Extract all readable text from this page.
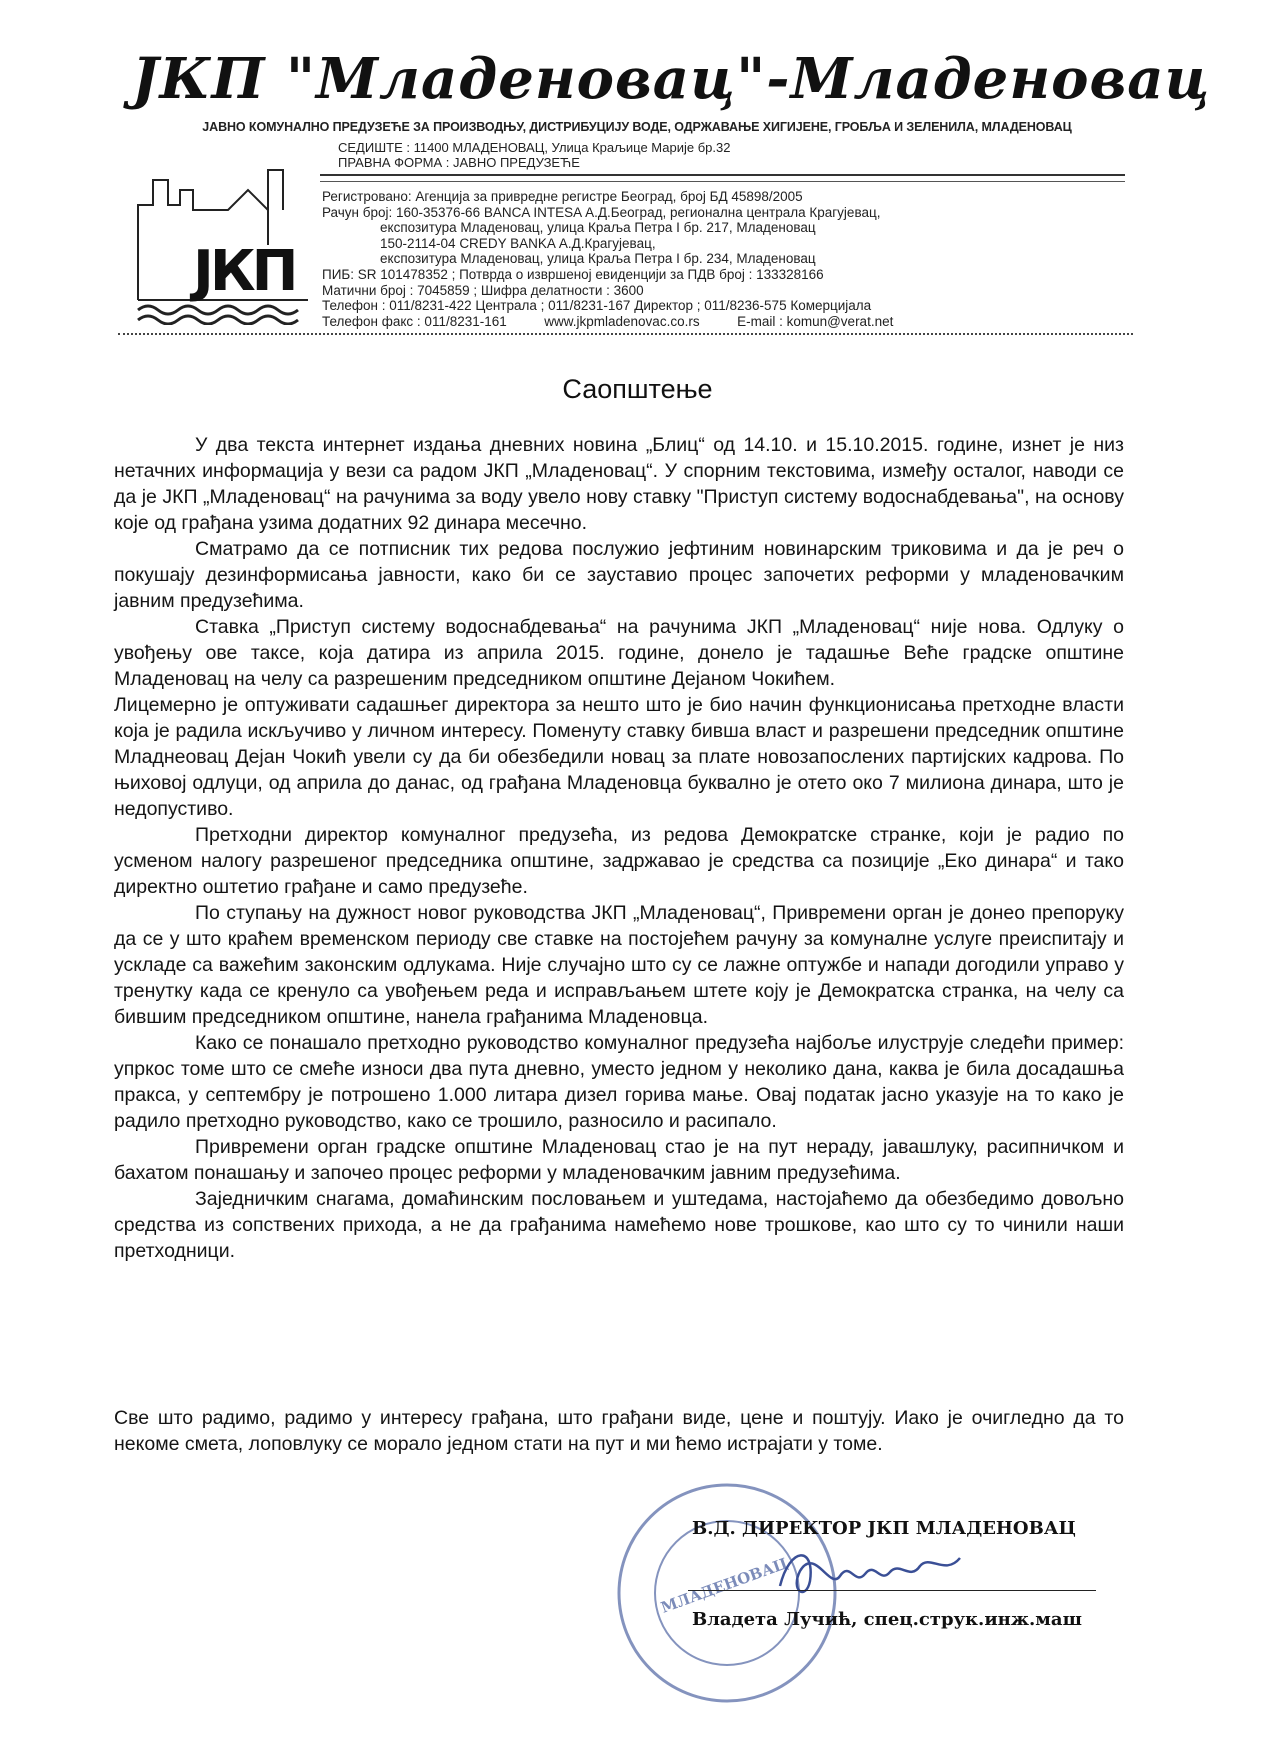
ЈКП "Младеновац"-Младеновац
ЈАВНО КОМУНАЛНО ПРЕДУЗЕЋЕ ЗА ПРОИЗВОДЊУ, ДИСТРИБУЦИЈУ ВОДЕ, ОДРЖАВАЊЕ ХИГИЈЕНЕ, ГРОБЉА И ЗЕЛЕНИЛА, МЛАДЕНОВАЦ
СЕДИШТЕ : 11400 МЛАДЕНОВАЦ, Улица Краљице Марије бр.32
ПРАВНА ФОРМА : ЈАВНО ПРЕДУЗЕЋЕ
ЈКП
Регистровано: Агенција за привредне регистре Београд, број БД 45898/2005
Рачун број: 160-35376-66 BANCA INTESA А.Д.Београд, регионална централа Крагујевац,
експозитура Младеновац, улица Краља Петра I бр. 217, Младеновац
150-2114-04 CREDY BANKA А.Д.Крагујевац,
експозитура Младеновац, улица Краља Петра I бр. 234, Младеновац
ПИБ: SR 101478352 ; Потврда о извршеној евиденцији за ПДВ број : 133328166
Матични број : 7045859 ; Шифра делатности : 3600
Телефон : 011/8231-422 Централа ; 011/8231-167 Директор ; 011/8236-575 Комерцијала
Телефон факс : 011/8231-161          www.jkpmladenovac.co.rs          E-mail : komun@verat.net
Саопштење

У два текста интернет издања дневних новина „Блиц“ од 14.10. и 15.10.2015. године, изнет је низ нетачних информација у вези са радом ЈКП „Младеновац“. У спорним текстовима, између осталог, наводи се да је ЈКП „Младеновац“ на рачунима за воду увело нову ставку "Приступ систему водоснабдевања", на основу које од грађана узима додатних 92 динара месечно.

Сматрамо да се потписник тих редова послужио јефтиним новинарским триковима и да је реч о покушају дезинформисања јавности, како би се зауставио процес започетих реформи у младеновачким јавним предузећима.

Ставка „Приступ систему водоснабдевања“ на рачунима ЈКП „Младеновац“ није нова. Одлуку о увођењу ове таксе, која датира из априла 2015. године, донело је тадашње Веће градске општине Младеновац на челу са разрешеним председником општине Дејаном Чокићем.

Лицемерно је оптуживати садашњег директора за нешто што је био начин функционисања претходне власти која је радила искључиво у личном интересу. Поменуту ставку бивша власт и разрешени председник општине Младнеовац Дејан Чокић увели су да би обезбедили новац за плате новозапослених партијских кадрова. По њиховој одлуци, од априла до данас, од грађана Младеновца буквално је отето око 7 милиона динара, што је недопустиво.

Претходни директор комуналног предузећа, из редова Демократске странке, који је радио по усменом налогу разрешеног председника општине, задржавао је средства са позиције „Еко динара“ и тако директно оштетио грађане и само предузеће.

По ступању на дужност новог руководства ЈКП „Младеновац“, Привремени орган је донео препоруку да се у што краћем временском периоду све ставке на постојећем рачуну за комуналне услуге преиспитају и ускладе са важећим законским одлукама. Није случајно што су се лажне оптужбе и напади догодили управо у тренутку када се кренуло са увођењем реда и исправљањем штете коју је Демократска странка, на челу са бившим председником општине, нанела грађанима Младеновца.

Како се понашало претходно руководство комуналног предузећа најбоље илуструје следећи пример: упркос томе што се смеће износи два пута дневно, уместо једном у неколико дана, каква је била досадашња пракса, у септембру је потрошено 1.000 литара дизел горива мање. Овај податак јасно указује на то како је радило претходно руководство, како се трошило, разносило и расипало.

Привремени орган градске општине Младеновац стао је на пут нераду, јавашлуку, расипничком и бахатом понашању и започео процес реформи у младеновачким јавним предузећима.

Заједничким снагама, домаћинским пословањем и уштедама, настојаћемо да обезбедимо довољно средства из сопствених прихода, а не да грађанима намећемо нове трошкове, као што су то чинили наши претходници.

Све што радимо, радимо у интересу грађана, што грађани виде, цене и поштују. Иако је очигледно да то некоме смета, лоповлуку се морало једном стати на пут и ми ћемо истрајати у томе.
МЛАДЕНОВАЦ
В.Д. ДИРЕКТОР ЈКП МЛАДЕНОВАЦ
Владета Лучић, спец.струк.инж.маш
